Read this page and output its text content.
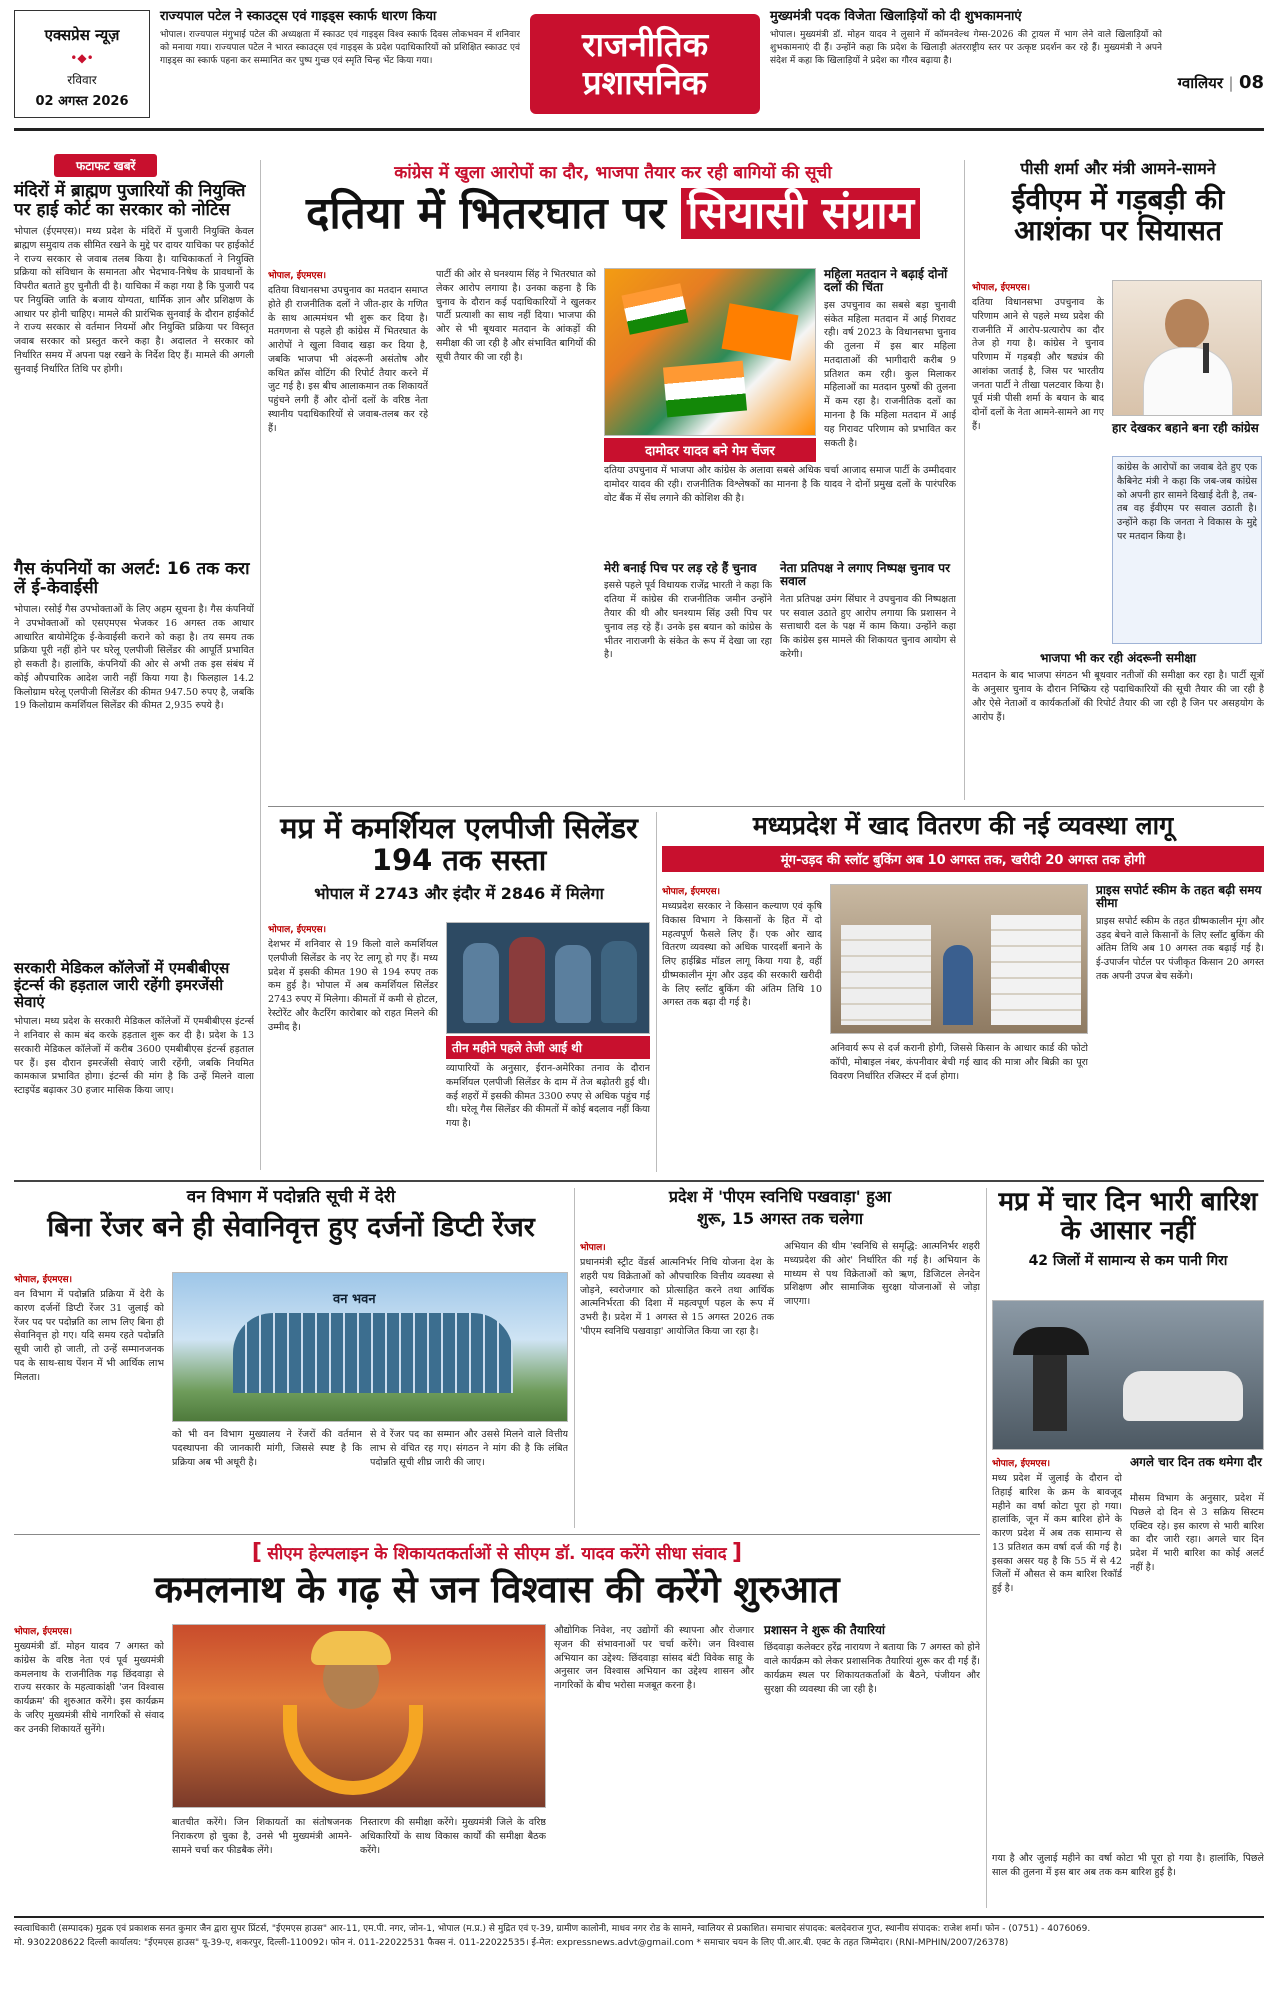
एक्सप्रेस न्यूज़
•◆•
रविवार
02 अगस्त 2026
राज्यपाल पटेल ने स्काउट्स एवं गाइड्स स्कार्फ धारण किया
भोपाल। राज्यपाल मंगुभाई पटेल की अध्यक्षता में स्काउट एवं गाइड्स विश्व स्कार्फ दिवस लोकभवन में शनिवार को मनाया गया। राज्यपाल पटेल ने भारत स्काउट्स एवं गाइड्स के प्रदेश पदाधिकारियों को प्रशिक्षित स्काउट एवं गाइड्स का स्कार्फ पहना कर सम्मानित कर पुष्प गुच्छ एवं स्मृति चिन्ह भेंट किया गया।	राजनीतिक
प्रशासनिक
मुख्यमंत्री पदक विजेता खिलाड़ियों को दी शुभकामनाएं
भोपाल। मुख्यमंत्री डॉ. मोहन यादव ने लुसाने में कॉमनवेल्थ गेम्स-2026 की ट्रायल में भाग लेने वाले खिलाड़ियों को शुभकामनाएं दी हैं। उन्होंने कहा कि प्रदेश के खिलाड़ी अंतरराष्ट्रीय स्तर पर उत्कृष्ट प्रदर्शन कर रहे हैं। मुख्यमंत्री ने अपने संदेश में कहा कि खिलाड़ियों ने प्रदेश का गौरव बढ़ाया है।
ग्वालियर | 08
फटाफट खबरें
मंदिरों में ब्राह्मण पुजारियों की नियुक्ति पर हाई कोर्ट का सरकार को नोटिस
भोपाल (ईएमएस)। मध्य प्रदेश के मंदिरों में पुजारी नियुक्ति केवल ब्राह्मण समुदाय तक सीमित रखने के मुद्दे पर दायर याचिका पर हाईकोर्ट ने राज्य सरकार से जवाब तलब किया है। याचिकाकर्ता ने नियुक्ति प्रक्रिया को संविधान के समानता और भेदभाव-निषेध के प्रावधानों के विपरीत बताते हुए चुनौती दी है। याचिका में कहा गया है कि पुजारी पद पर नियुक्ति जाति के बजाय योग्यता, धार्मिक ज्ञान और प्रशिक्षण के आधार पर होनी चाहिए। मामले की प्रारंभिक सुनवाई के दौरान हाईकोर्ट ने राज्य सरकार से वर्तमान नियमों और नियुक्ति प्रक्रिया पर विस्तृत जवाब सरकार को प्रस्तुत करने कहा है। अदालत ने सरकार को निर्धारित समय में अपना पक्ष रखने के निर्देश दिए हैं। मामले की अगली सुनवाई निर्धारित तिथि पर होगी।
गैस कंपनियों का अलर्ट: 16 तक करा लें ई-केवाईसी
भोपाल। रसोई गैस उपभोक्ताओं के लिए अहम सूचना है। गैस कंपनियों ने उपभोक्ताओं को एसएमएस भेजकर 16 अगस्त तक आधार आधारित बायोमेट्रिक ई-केवाईसी कराने को कहा है। तय समय तक प्रक्रिया पूरी नहीं होने पर घरेलू एलपीजी सिलेंडर की आपूर्ति प्रभावित हो सकती है। हालांकि, कंपनियों की ओर से अभी तक इस संबंध में कोई औपचारिक आदेश जारी नहीं किया गया है। फिलहाल 14.2 किलोग्राम घरेलू एलपीजी सिलेंडर की कीमत 947.50 रुपए है, जबकि 19 किलोग्राम कमर्शियल सिलेंडर की कीमत 2,935 रुपये है।
सरकारी मेडिकल कॉलेजों में एमबीबीएस इंटर्न्स की हड़ताल जारी रहेंगी इमरजेंसी सेवाएं
भोपाल। मध्य प्रदेश के सरकारी मेडिकल कॉलेजों में एमबीबीएस इंटर्न्स ने शनिवार से काम बंद करके हड़ताल शुरू कर दी है। प्रदेश के 13 सरकारी मेडिकल कॉलेजों में करीब 3600 एमबीबीएस इंटर्न्स हड़ताल पर हैं। इस दौरान इमरजेंसी सेवाएं जारी रहेंगी, जबकि नियमित कामकाज प्रभावित होगा। इंटर्न्स की मांग है कि उन्हें मिलने वाला स्टाइपेंड बढ़ाकर 30 हजार मासिक किया जाए।
कांग्रेस में खुला आरोपों का दौर, भाजपा तैयार कर रही बागियों की सूची
दतिया में भितरघात पर सियासी संग्राम
भोपाल, ईएमएस।
दतिया विधानसभा उपचुनाव का मतदान समाप्त होते ही राजनीतिक दलों ने जीत-हार के गणित के साथ आत्ममंथन भी शुरू कर दिया है। मतगणना से पहले ही कांग्रेस में भितरघात के आरोपों ने खुला विवाद खड़ा कर दिया है, जबकि भाजपा भी अंदरूनी असंतोष और कथित क्रॉस वोटिंग की रिपोर्ट तैयार करने में जुट गई है। इस बीच आलाकमान तक शिकायतें पहुंचने लगी हैं और दोनों दलों के वरिष्ठ नेता स्थानीय पदाधिकारियों से जवाब-तलब कर रहे हैं।
पार्टी की ओर से घनश्याम सिंह ने भितरघात को लेकर आरोप लगाया है। उनका कहना है कि चुनाव के दौरान कई पदाधिकारियों ने खुलकर पार्टी प्रत्याशी का साथ नहीं दिया। भाजपा की ओर से भी बूथवार मतदान के आंकड़ों की समीक्षा की जा रही है और संभावित बागियों की सूची तैयार की जा रही है।
दामोदर यादव बने गेम चेंजर
दतिया उपचुनाव में भाजपा और कांग्रेस के अलावा सबसे अधिक चर्चा आजाद समाज पार्टी के उम्मीदवार दामोदर यादव की रही। राजनीतिक विश्लेषकों का मानना है कि यादव ने दोनों प्रमुख दलों के पारंपरिक वोट बैंक में सेंध लगाने की कोशिश की है।
मेरी बनाई पिच पर लड़ रहे हैं चुनाव
इससे पहले पूर्व विधायक राजेंद्र भारती ने कहा कि दतिया में कांग्रेस की राजनीतिक जमीन उन्होंने तैयार की थी और घनश्याम सिंह उसी पिच पर चुनाव लड़ रहे हैं। उनके इस बयान को कांग्रेस के भीतर नाराजगी के संकेत के रूप में देखा जा रहा है।
नेता प्रतिपक्ष ने लगाए निष्पक्ष चुनाव पर सवाल
नेता प्रतिपक्ष उमंग सिंघार ने उपचुनाव की निष्पक्षता पर सवाल उठाते हुए आरोप लगाया कि प्रशासन ने सत्ताधारी दल के पक्ष में काम किया। उन्होंने कहा कि कांग्रेस इस मामले की शिकायत चुनाव आयोग से करेगी।
महिला मतदान ने बढ़ाई दोनों दलों की चिंता
इस उपचुनाव का सबसे बड़ा चुनावी संकेत महिला मतदान में आई गिरावट रही। वर्ष 2023 के विधानसभा चुनाव की तुलना में इस बार महिला मतदाताओं की भागीदारी करीब 9 प्रतिशत कम रही। कुल मिलाकर महिलाओं का मतदान पुरुषों की तुलना में कम रहा है। राजनीतिक दलों का मानना है कि महिला मतदान में आई यह गिरावट परिणाम को प्रभावित कर सकती है।
पीसी शर्मा और मंत्री आमने-सामने
ईवीएम में गड़बड़ी की आशंका पर सियासत
भोपाल, ईएमएस।
दतिया विधानसभा उपचुनाव के परिणाम आने से पहले मध्य प्रदेश की राजनीति में आरोप-प्रत्यारोप का दौर तेज हो गया है। कांग्रेस ने चुनाव परिणाम में गड़बड़ी और षड्यंत्र की आशंका जताई है, जिस पर भारतीय जनता पार्टी ने तीखा पलटवार किया है। पूर्व मंत्री पीसी शर्मा के बयान के बाद दोनों दलों के नेता आमने-सामने आ गए हैं।	हार देखकर बहाने बना रही कांग्रेस
कांग्रेस के आरोपों का जवाब देते हुए एक कैबिनेट मंत्री ने कहा कि जब-जब कांग्रेस को अपनी हार सामने दिखाई देती है, तब-तब वह ईवीएम पर सवाल उठाती है। उन्होंने कहा कि जनता ने विकास के मुद्दे पर मतदान किया है।
भाजपा भी कर रही अंदरूनी समीक्षा
मतदान के बाद भाजपा संगठन भी बूथवार नतीजों की समीक्षा कर रहा है। पार्टी सूत्रों के अनुसार चुनाव के दौरान निष्क्रिय रहे पदाधिकारियों की सूची तैयार की जा रही है और ऐसे नेताओं व कार्यकर्ताओं की रिपोर्ट तैयार की जा रही है जिन पर असहयोग के आरोप हैं।
मप्र में कमर्शियल एलपीजी सिलेंडर 194 तक सस्ता
भोपाल में 2743 और इंदौर में 2846 में मिलेगा
भोपाल, ईएमएस।
देशभर में शनिवार से 19 किलो वाले कमर्शियल एलपीजी सिलेंडर के नए रेट लागू हो गए हैं। मध्य प्रदेश में इसकी कीमत 190 से 194 रुपए तक कम हुई है। भोपाल में अब कमर्शियल सिलेंडर 2743 रुपए में मिलेगा। कीमतों में कमी से होटल, रेस्टोरेंट और कैटरिंग कारोबार को राहत मिलने की उम्मीद है।
तीन महीने पहले तेजी आई थी
व्यापारियों के अनुसार, ईरान-अमेरिका तनाव के दौरान कमर्शियल एलपीजी सिलेंडर के दाम में तेज बढ़ोतरी हुई थी। कई शहरों में इसकी कीमत 3300 रुपए से अधिक पहुंच गई थी। घरेलू गैस सिलेंडर की कीमतों में कोई बदलाव नहीं किया गया है।
मध्यप्रदेश में खाद वितरण की नई व्यवस्था लागू
मूंग-उड़द की स्लॉट बुकिंग अब 10 अगस्त तक, खरीदी 20 अगस्त तक होगी
भोपाल, ईएमएस।
मध्यप्रदेश सरकार ने किसान कल्याण एवं कृषि विकास विभाग ने किसानों के हित में दो महत्वपूर्ण फैसले लिए हैं। एक ओर खाद वितरण व्यवस्था को अधिक पारदर्शी बनाने के लिए हाईब्रिड मॉडल लागू किया गया है, वहीं ग्रीष्मकालीन मूंग और उड़द की सरकारी खरीदी के लिए स्लॉट बुकिंग की अंतिम तिथि 10 अगस्त तक बढ़ा दी गई है।
अनिवार्य रूप से दर्ज करानी होगी, जिससे किसान के आधार कार्ड की फोटो कॉपी, मोबाइल नंबर, कंपनीवार बेची गई खाद की मात्रा और बिक्री का पूरा विवरण निर्धारित रजिस्टर में दर्ज होगा।
प्राइस सपोर्ट स्कीम के तहत बढ़ी समय सीमा
प्राइस सपोर्ट स्कीम के तहत ग्रीष्मकालीन मूंग और उड़द बेचने वाले किसानों के लिए स्लॉट बुकिंग की अंतिम तिथि अब 10 अगस्त तक बढ़ाई गई है। ई-उपार्जन पोर्टल पर पंजीकृत किसान 20 अगस्त तक अपनी उपज बेच सकेंगे।
वन विभाग में पदोन्नति सूची में देरी
बिना रेंजर बने ही सेवानिवृत्त हुए दर्जनों डिप्टी रेंजर
भोपाल, ईएमएस।
वन विभाग में पदोन्नति प्रक्रिया में देरी के कारण दर्जनों डिप्टी रेंजर 31 जुलाई को रेंजर पद पर पदोन्नति का लाभ लिए बिना ही सेवानिवृत्त हो गए। यदि समय रहते पदोन्नति सूची जारी हो जाती, तो उन्हें सम्मानजनक पद के साथ-साथ पेंशन में भी आर्थिक लाभ मिलता।
वन भवन
को भी वन विभाग मुख्यालय ने रेंजरों की वर्तमान पदस्थापना की जानकारी मांगी, जिससे स्पष्ट है कि प्रक्रिया अब भी अधूरी है।
से वे रेंजर पद का सम्मान और उससे मिलने वाले वित्तीय लाभ से वंचित रह गए। संगठन ने मांग की है कि लंबित पदोन्नति सूची शीघ्र जारी की जाए।
प्रदेश में 'पीएम स्वनिधि पखवाड़ा' हुआ
शुरू, 15 अगस्त तक चलेगा
भोपाल।
प्रधानमंत्री स्ट्रीट वेंडर्स आत्मनिर्भर निधि योजना देश के शहरी पथ विक्रेताओं को औपचारिक वित्तीय व्यवस्था से जोड़ने, स्वरोजगार को प्रोत्साहित करने तथा आर्थिक आत्मनिर्भरता की दिशा में महत्वपूर्ण पहल के रूप में उभरी है। प्रदेश में 1 अगस्त से 15 अगस्त 2026 तक 'पीएम स्वनिधि पखवाड़ा' आयोजित किया जा रहा है।
अभियान की थीम 'स्वनिधि से समृद्धि: आत्मनिर्भर शहरी मध्यप्रदेश की ओर' निर्धारित की गई है। अभियान के माध्यम से पथ विक्रेताओं को ऋण, डिजिटल लेनदेन प्रशिक्षण और सामाजिक सुरक्षा योजनाओं से जोड़ा जाएगा।
मप्र में चार दिन भारी बारिश के आसार नहीं
42 जिलों में सामान्य से कम पानी गिरा
भोपाल, ईएमएस।
मध्य प्रदेश में जुलाई के दौरान दो तिहाई बारिश के क्रम के बावजूद महीने का वर्षा कोटा पूरा हो गया। हालांकि, जून में कम बारिश होने के कारण प्रदेश में अब तक सामान्य से 13 प्रतिशत कम वर्षा दर्ज की गई है। इसका असर यह है कि 55 में से 42 जिलों में औसत से कम बारिश रिकॉर्ड हुई है।
अगले चार दिन तक थमेगा दौर
मौसम विभाग के अनुसार, प्रदेश में पिछले दो दिन से 3 सक्रिय सिस्टम एक्टिव रहे। इस कारण से भारी बारिश का दौर जारी रहा। अगले चार दिन प्रदेश में भारी बारिश का कोई अलर्ट नहीं है।
गया है और जुलाई महीने का वर्षा कोटा भी पूरा हो गया है। हालांकि, पिछले साल की तुलना में इस बार अब तक कम बारिश हुई है।
[ सीएम हेल्पलाइन के शिकायतकर्ताओं से सीएम डॉ. यादव करेंगे सीधा संवाद ]
कमलनाथ के गढ़ से जन विश्वास की करेंगे शुरुआत
भोपाल, ईएमएस।
मुख्यमंत्री डॉ. मोहन यादव 7 अगस्त को कांग्रेस के वरिष्ठ नेता एवं पूर्व मुख्यमंत्री कमलनाथ के राजनीतिक गढ़ छिंदवाड़ा से राज्य सरकार के महत्वाकांक्षी 'जन विश्वास कार्यक्रम' की शुरुआत करेंगे। इस कार्यक्रम के जरिए मुख्यमंत्री सीधे नागरिकों से संवाद कर उनकी शिकायतें सुनेंगे।
बातचीत करेंगे। जिन शिकायतों का संतोषजनक निराकरण हो चुका है, उनसे भी मुख्यमंत्री आमने-सामने चर्चा कर फीडबैक लेंगे।
निस्तारण की समीक्षा करेंगे। मुख्यमंत्री जिले के वरिष्ठ अधिकारियों के साथ विकास कार्यों की समीक्षा बैठक करेंगे।
औद्योगिक निवेश, नए उद्योगों की स्थापना और रोजगार सृजन की संभावनाओं पर चर्चा करेंगे। जन विश्वास अभियान का उद्देश्य: छिंदवाड़ा सांसद बंटी विवेक साहू के अनुसार जन विश्वास अभियान का उद्देश्य शासन और नागरिकों के बीच भरोसा मजबूत करना है।
प्रशासन ने शुरू की तैयारियां
छिंदवाड़ा कलेक्टर हरेंद्र नारायण ने बताया कि 7 अगस्त को होने वाले कार्यक्रम को लेकर प्रशासनिक तैयारियां शुरू कर दी गई हैं। कार्यक्रम स्थल पर शिकायतकर्ताओं के बैठने, पंजीयन और सुरक्षा की व्यवस्था की जा रही है।
स्वत्वाधिकारी (सम्पादक) मुद्रक एवं प्रकाशक सनत कुमार जैन द्वारा सुपर प्रिंटर्स, "ईएमएस हाउस" आर-11, एम.पी. नगर, जोन-1, भोपाल (म.प्र.) से मुद्रित एवं ए-39, ग्रामीण कालोनी, माधव नगर रोड के सामने, ग्वालियर से प्रकाशित। समाचार संपादक: बलदेवराज गुप्त, स्थानीय संपादक: राजेश शर्मा। फोन - (0751) - 4076069.
मो. 9302208622 दिल्ली कार्यालय: "ईएमएस हाउस" यू-39-ए, शकरपुर, दिल्ली-110092। फोन नं. 011-22022531 फैक्स नं. 011-22022535। ई-मेल: expressnews.advt@gmail.com * समाचार चयन के लिए पी.आर.बी. एक्ट के तहत जिम्मेदार। (RNI-MPHIN/2007/26378)
